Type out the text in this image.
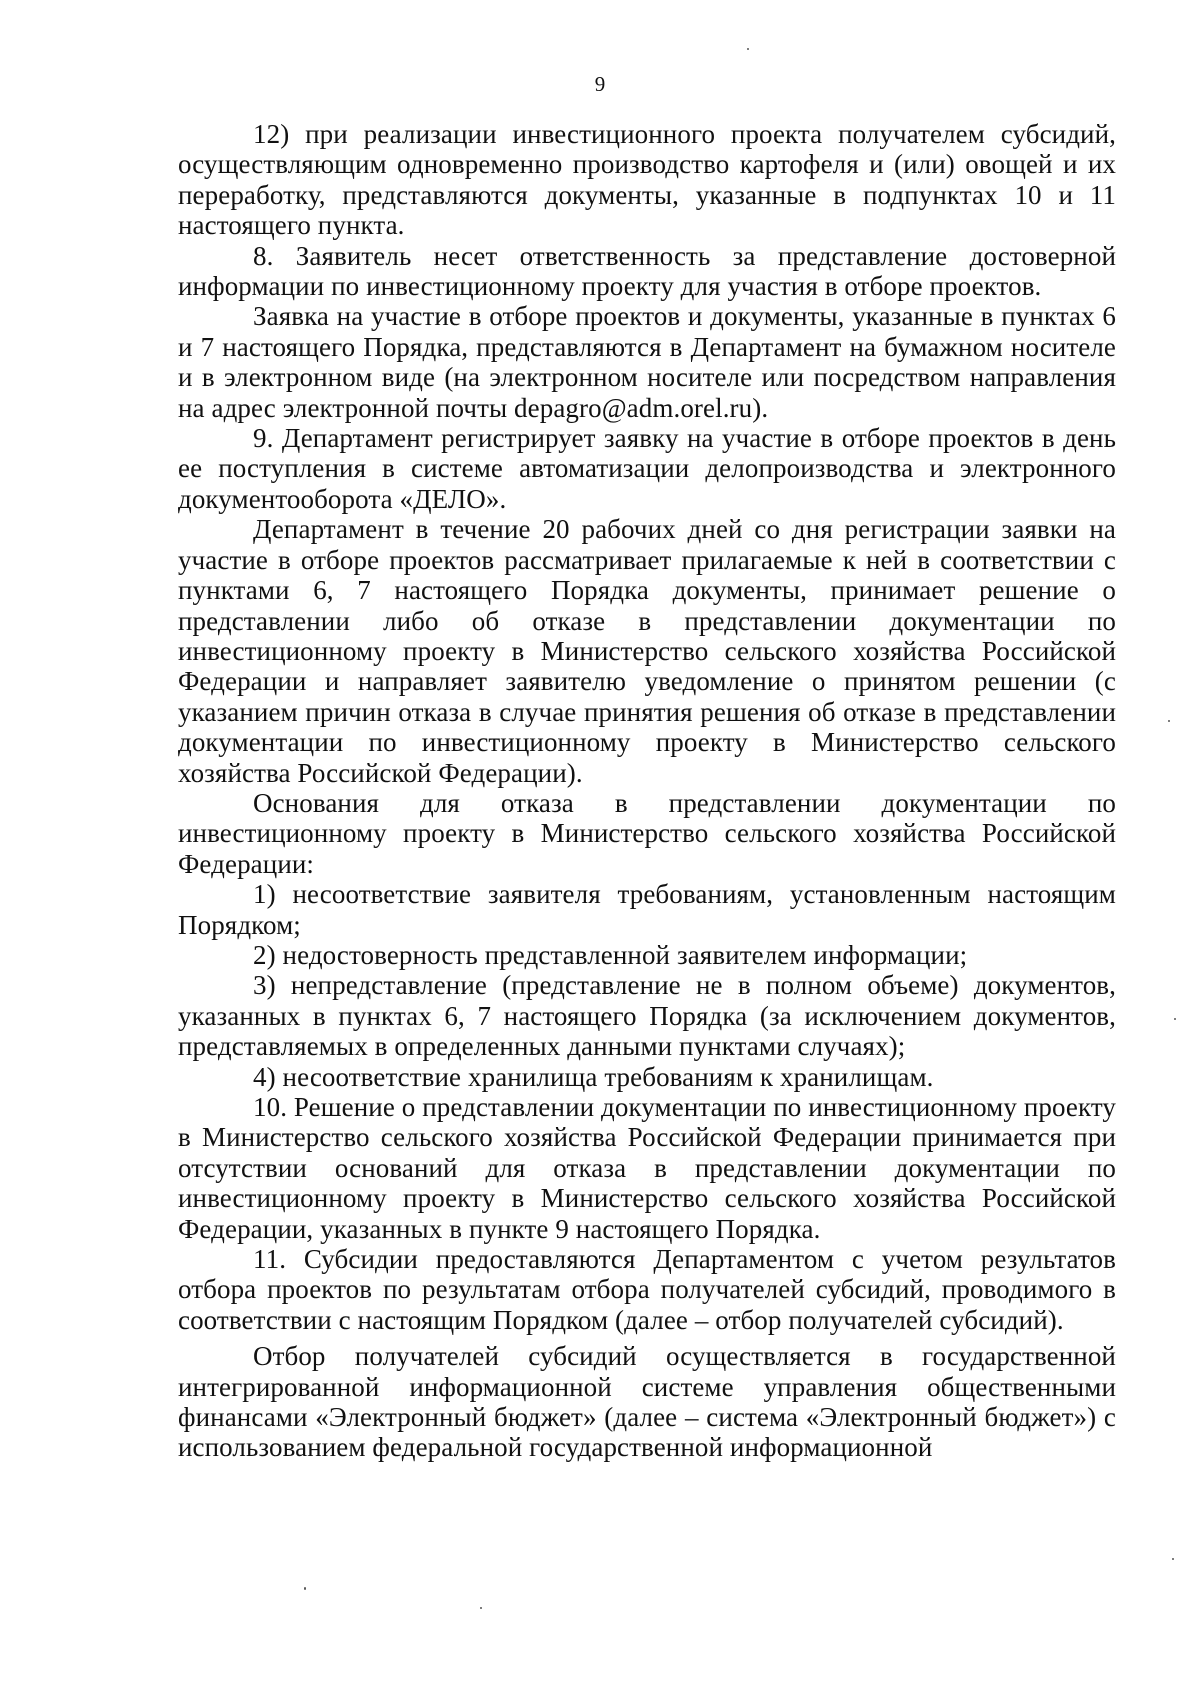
9

12) при реализации инвестиционного проекта получателем субсидий, осуществляющим одновременно производство картофеля и (или) овощей и их переработку, представляются документы, указанные в подпунктах 10 и 11 настоящего пункта.

8. Заявитель несет ответственность за представление достоверной информации по инвестиционному проекту для участия в отборе проектов.

Заявка на участие в отборе проектов и документы, указанные в пунктах 6 и 7 настоящего Порядка, представляются в Департамент на бумажном носителе и в электронном виде (на электронном носителе или посредством направления на адрес электронной почты depagro@adm.orel.ru).

9. Департамент регистрирует заявку на участие в отборе проектов в день ее поступления в системе автоматизации делопроизводства и электронного документооборота «ДЕЛО».

Департамент в течение 20 рабочих дней со дня регистрации заявки на участие в отборе проектов рассматривает прилагаемые к ней в соответствии с пунктами 6, 7 настоящего Порядка документы, принимает решение о представлении либо об отказе в представлении документации по инвестиционному проекту в Министерство сельского хозяйства Российской Федерации и направляет заявителю уведомление о принятом решении (с указанием причин отказа в случае принятия решения об отказе в представлении документации по инвестиционному проекту в Министерство сельского хозяйства Российской Федерации).

Основания для отказа в представлении документации по инвестиционному проекту в Министерство сельского хозяйства Российской Федерации:

1) несоответствие заявителя требованиям, установленным настоящим Порядком;

2) недостоверность представленной заявителем информации;

3) непредставление (представление не в полном объеме) документов, указанных в пунктах 6, 7 настоящего Порядка (за исключением документов, представляемых в определенных данными пунктами случаях);

4) несоответствие хранилища требованиям к хранилищам.

10. Решение о представлении документации по инвестиционному проекту в Министерство сельского хозяйства Российской Федерации принимается при отсутствии оснований для отказа в представлении документации по инвестиционному проекту в Министерство сельского хозяйства Российской Федерации, указанных в пункте 9 настоящего Порядка.

11. Субсидии предоставляются Департаментом с учетом результатов отбора проектов по результатам отбора получателей субсидий, проводимого в соответствии с настоящим Порядком (далее – отбор получателей субсидий).

Отбор получателей субсидий осуществляется в государственной интегрированной информационной системе управления общественными финансами «Электронный бюджет» (далее – система «Электронный бюджет») с использованием федеральной государственной информационной
